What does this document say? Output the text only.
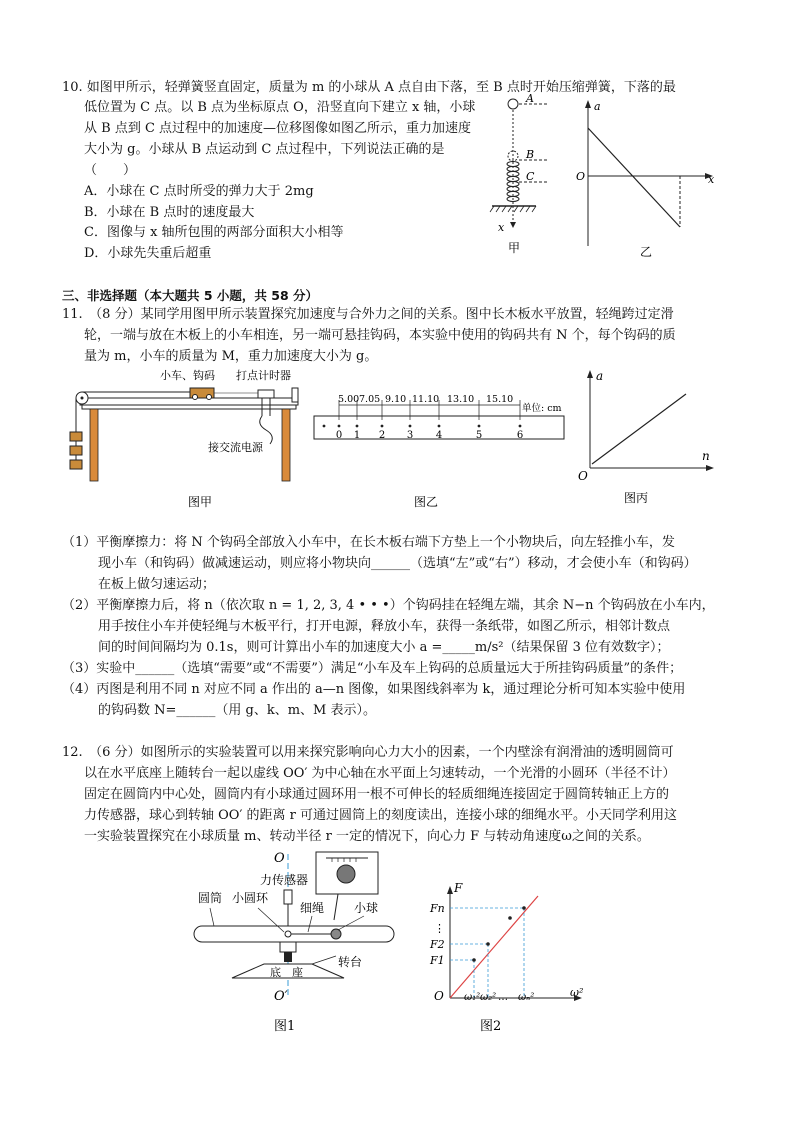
10. 如图甲所示，轻弹簧竖直固定，质量为 m 的小球从 A 点自由下落，至 B 点时开始压缩弹簧，下落的最
低位置为 C 点。以 B 点为坐标原点 O，沿竖直向下建立 x 轴，小球
从 B 点到 C 点过程中的加速度—位移图像如图乙所示，重力加速度
大小为 g。小球从 B 点运动到 C 点过程中，下列说法正确的是
（　　）
A．小球在 C 点时所受的弹力大于 2mg
B．小球在 B 点时的速度最大
C．图像与 x 轴所包围的两部分面积大小相等
D．小球先失重后超重
A
B
C
x
甲
a
x
O
乙
三、非选择题（本大题共 5 小题，共 58 分）
11.　（8 分）某同学用图甲所示装置探究加速度与合外力之间的关系。图中长木板水平放置，轻绳跨过定滑
轮，一端与放在木板上的小车相连，另一端可悬挂钩码，本实验中使用的钩码共有 N 个，每个钩码的质
量为 m，小车的质量为 M，重力加速度大小为 g。
小车、钩码 打点计时器
接交流电源
图甲
5.00 7.05 9.10 11.10 13.10 15.10
单位: cm
0 1 2 3 4	5	6
图乙
a
n
O
图丙
（1）平衡摩擦力：将 N 个钩码全部放入小车中，在长木板右端下方垫上一个小物块后，向左轻推小车，发
现小车（和钩码）做减速运动，则应将小物块向______（选填“左”或“右”）移动，才会使小车（和钩码）
在板上做匀速运动；
（2）平衡摩擦力后，将 n（依次取 n = 1, 2, 3, 4 • • •）个钩码挂在轻绳左端，其余 N−n 个钩码放在小车内，
用手按住小车并使轻绳与木板平行，打开电源，释放小车，获得一条纸带，如图乙所示，相邻计数点
间的时间间隔均为 0.1s，则可计算出小车的加速度大小 a =_____m/s²（结果保留 3 位有效数字）；
（3）实验中______（选填“需要”或“不需要”）满足“小车及车上钩码的总质量远大于所挂钩码质量”的条件；
（4）丙图是利用不同 n 对应不同 a 作出的 a—n 图像，如果图线斜率为 k，通过理论分析可知本实验中使用
的钩码数 N=______（用 g、k、m、M 表示）。
12.　（6 分）如图所示的实验装置可以用来探究影响向心力大小的因素，一个内壁涂有润滑油的透明圆筒可
以在水平底座上随转台一起以虚线 OO′ 为中心轴在水平面上匀速转动，一个光滑的小圆环（半径不计）
固定在圆筒内中心处，圆筒内有小球通过圆环用一根不可伸长的轻质细绳连接固定于圆筒转轴正上方的
力传感器，球心到转轴 OO′ 的距离 r 可通过圆筒上的刻度读出，连接小球的细绳水平。小天同学利用这
一实验装置探究在小球质量 m、转动半径 r 一定的情况下，向心力 F 与转动角速度ω之间的关系。
O
力传感器
圆筒 小圆环
细绳 小球
转台
底　座
O′
图1
F
ω²
O
Fn
⋮
F2
F1
ω₁² ω₂² … ωₙ²
图2
